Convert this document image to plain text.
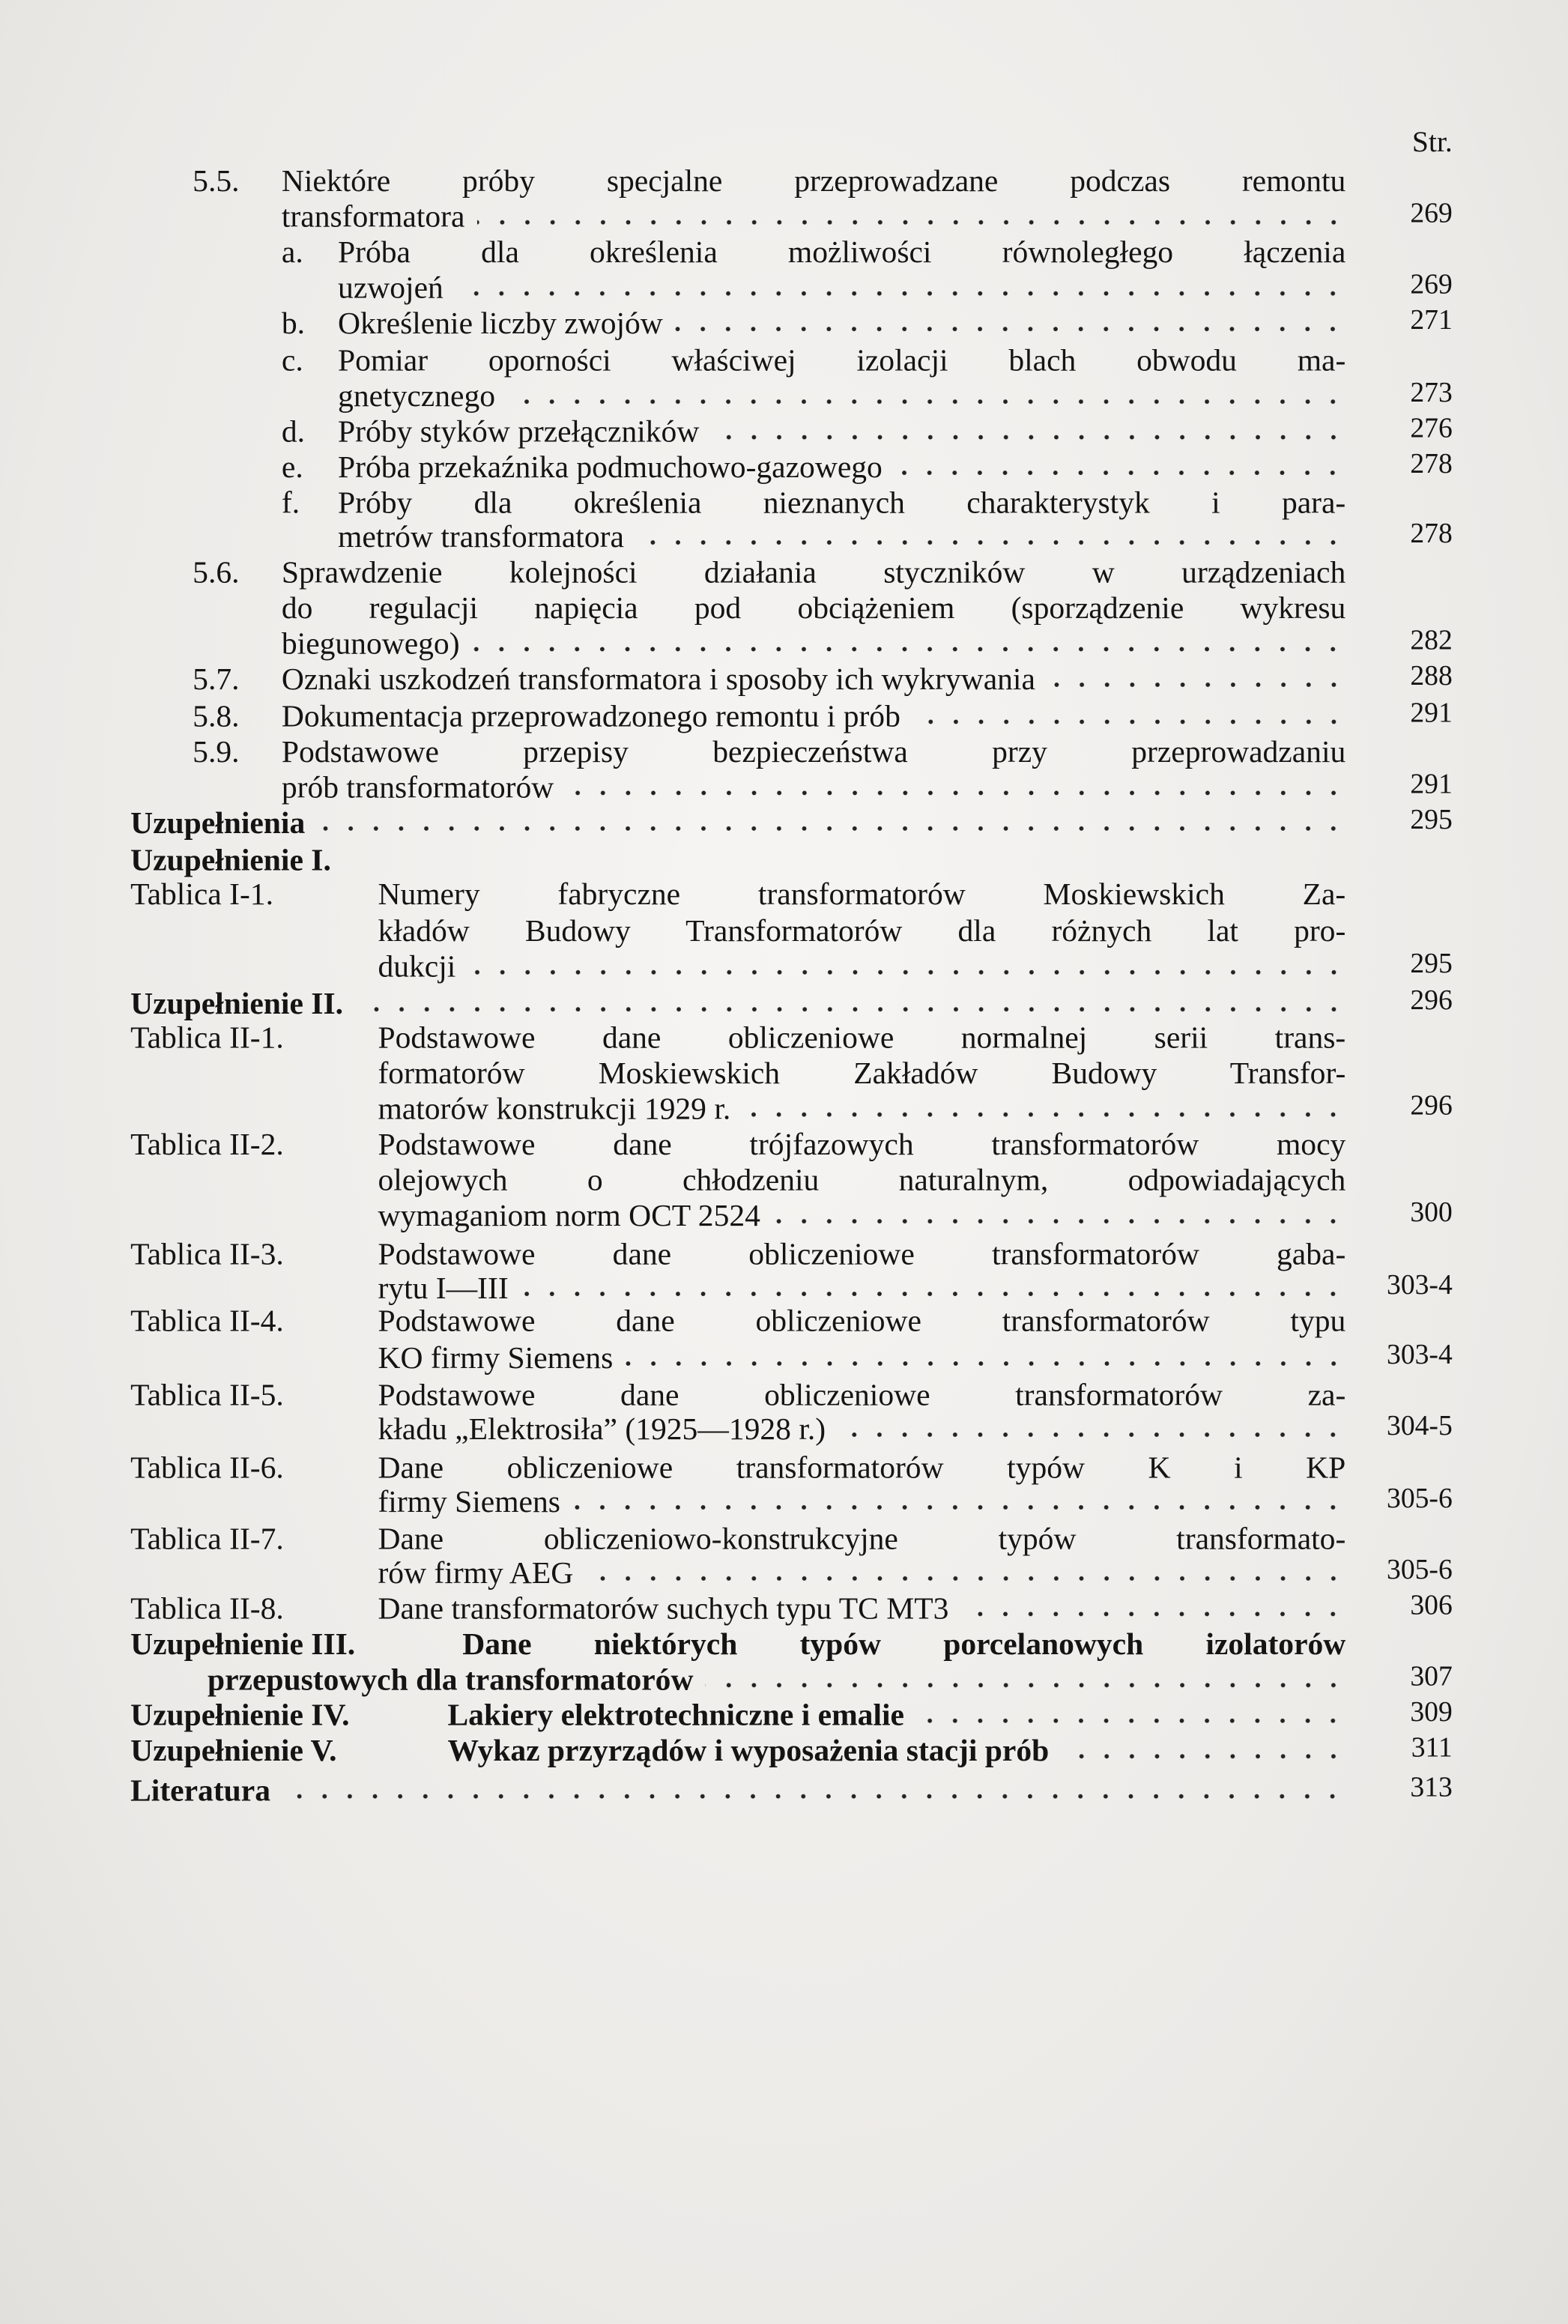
Str.
5.5.	Niektóre próby specjalne przeprowadzane podczas remontu
transformatora	269
a. Próba dla określenia możliwości równoległego łączenia
uzwojeń	269
b. Określenie liczby zwojów	271
c. Pomiar oporności właściwej izolacji blach obwodu ma-
gnetycznego	273
d. Próby styków przełączników	276
e. Próba przekaźnika podmuchowo-gazowego	278
f. Próby dla określenia nieznanych charakterystyk i para-
metrów transformatora	278
5.6.	Sprawdzenie kolejności działania styczników w urządzeniach
do regulacji napięcia pod obciążeniem (sporządzenie wykresu
biegunowego)	282
5.7.	Oznaki uszkodzeń transformatora i sposoby ich wykrywania	288
5.8.	Dokumentacja przeprowadzonego remontu i prób	291
5.9.	Podstawowe przepisy bezpieczeństwa przy przeprowadzaniu
prób transformatorów	291
Uzupełnienia	295
Uzupełnienie I.
Tablica I-1.	Numery fabryczne transformatorów Moskiewskich Za-
kładów Budowy Transformatorów dla różnych lat pro-
dukcji	295
Uzupełnienie II.	296
Tablica II-1.	Podstawowe dane obliczeniowe normalnej serii trans-
formatorów Moskiewskich Zakładów Budowy Transfor-
matorów konstrukcji 1929 r.	296
Tablica II-2.	Podstawowe dane trójfazowych transformatorów mocy
olejowych o chłodzeniu naturalnym, odpowiadających
wymaganiom norm OCT 2524	300
Tablica II-3.	Podstawowe dane obliczeniowe transformatorów gaba-
rytu I—III	303-4
Tablica II-4.	Podstawowe dane obliczeniowe transformatorów typu
KO firmy Siemens	303-4
Tablica II-5.	Podstawowe dane obliczeniowe transformatorów za-
kładu „Elektrosiła” (1925—1928 r.)	304-5
Tablica II-6.	Dane obliczeniowe transformatorów typów K i KP
firmy Siemens	305-6
Tablica II-7.	Dane obliczeniowo-konstrukcyjne typów transformato-
rów firmy AEG	305-6
Tablica II-8.	Dane transformatorów suchych typu TC MT3	306
Uzupełnienie III.	Dane niektórych typów porcelanowych izolatorów
przepustowych dla transformatorów	307
Uzupełnienie IV.	Lakiery elektrotechniczne i emalie	309
Uzupełnienie V.	Wykaz przyrządów i wyposażenia stacji prób	311
Literatura	313
